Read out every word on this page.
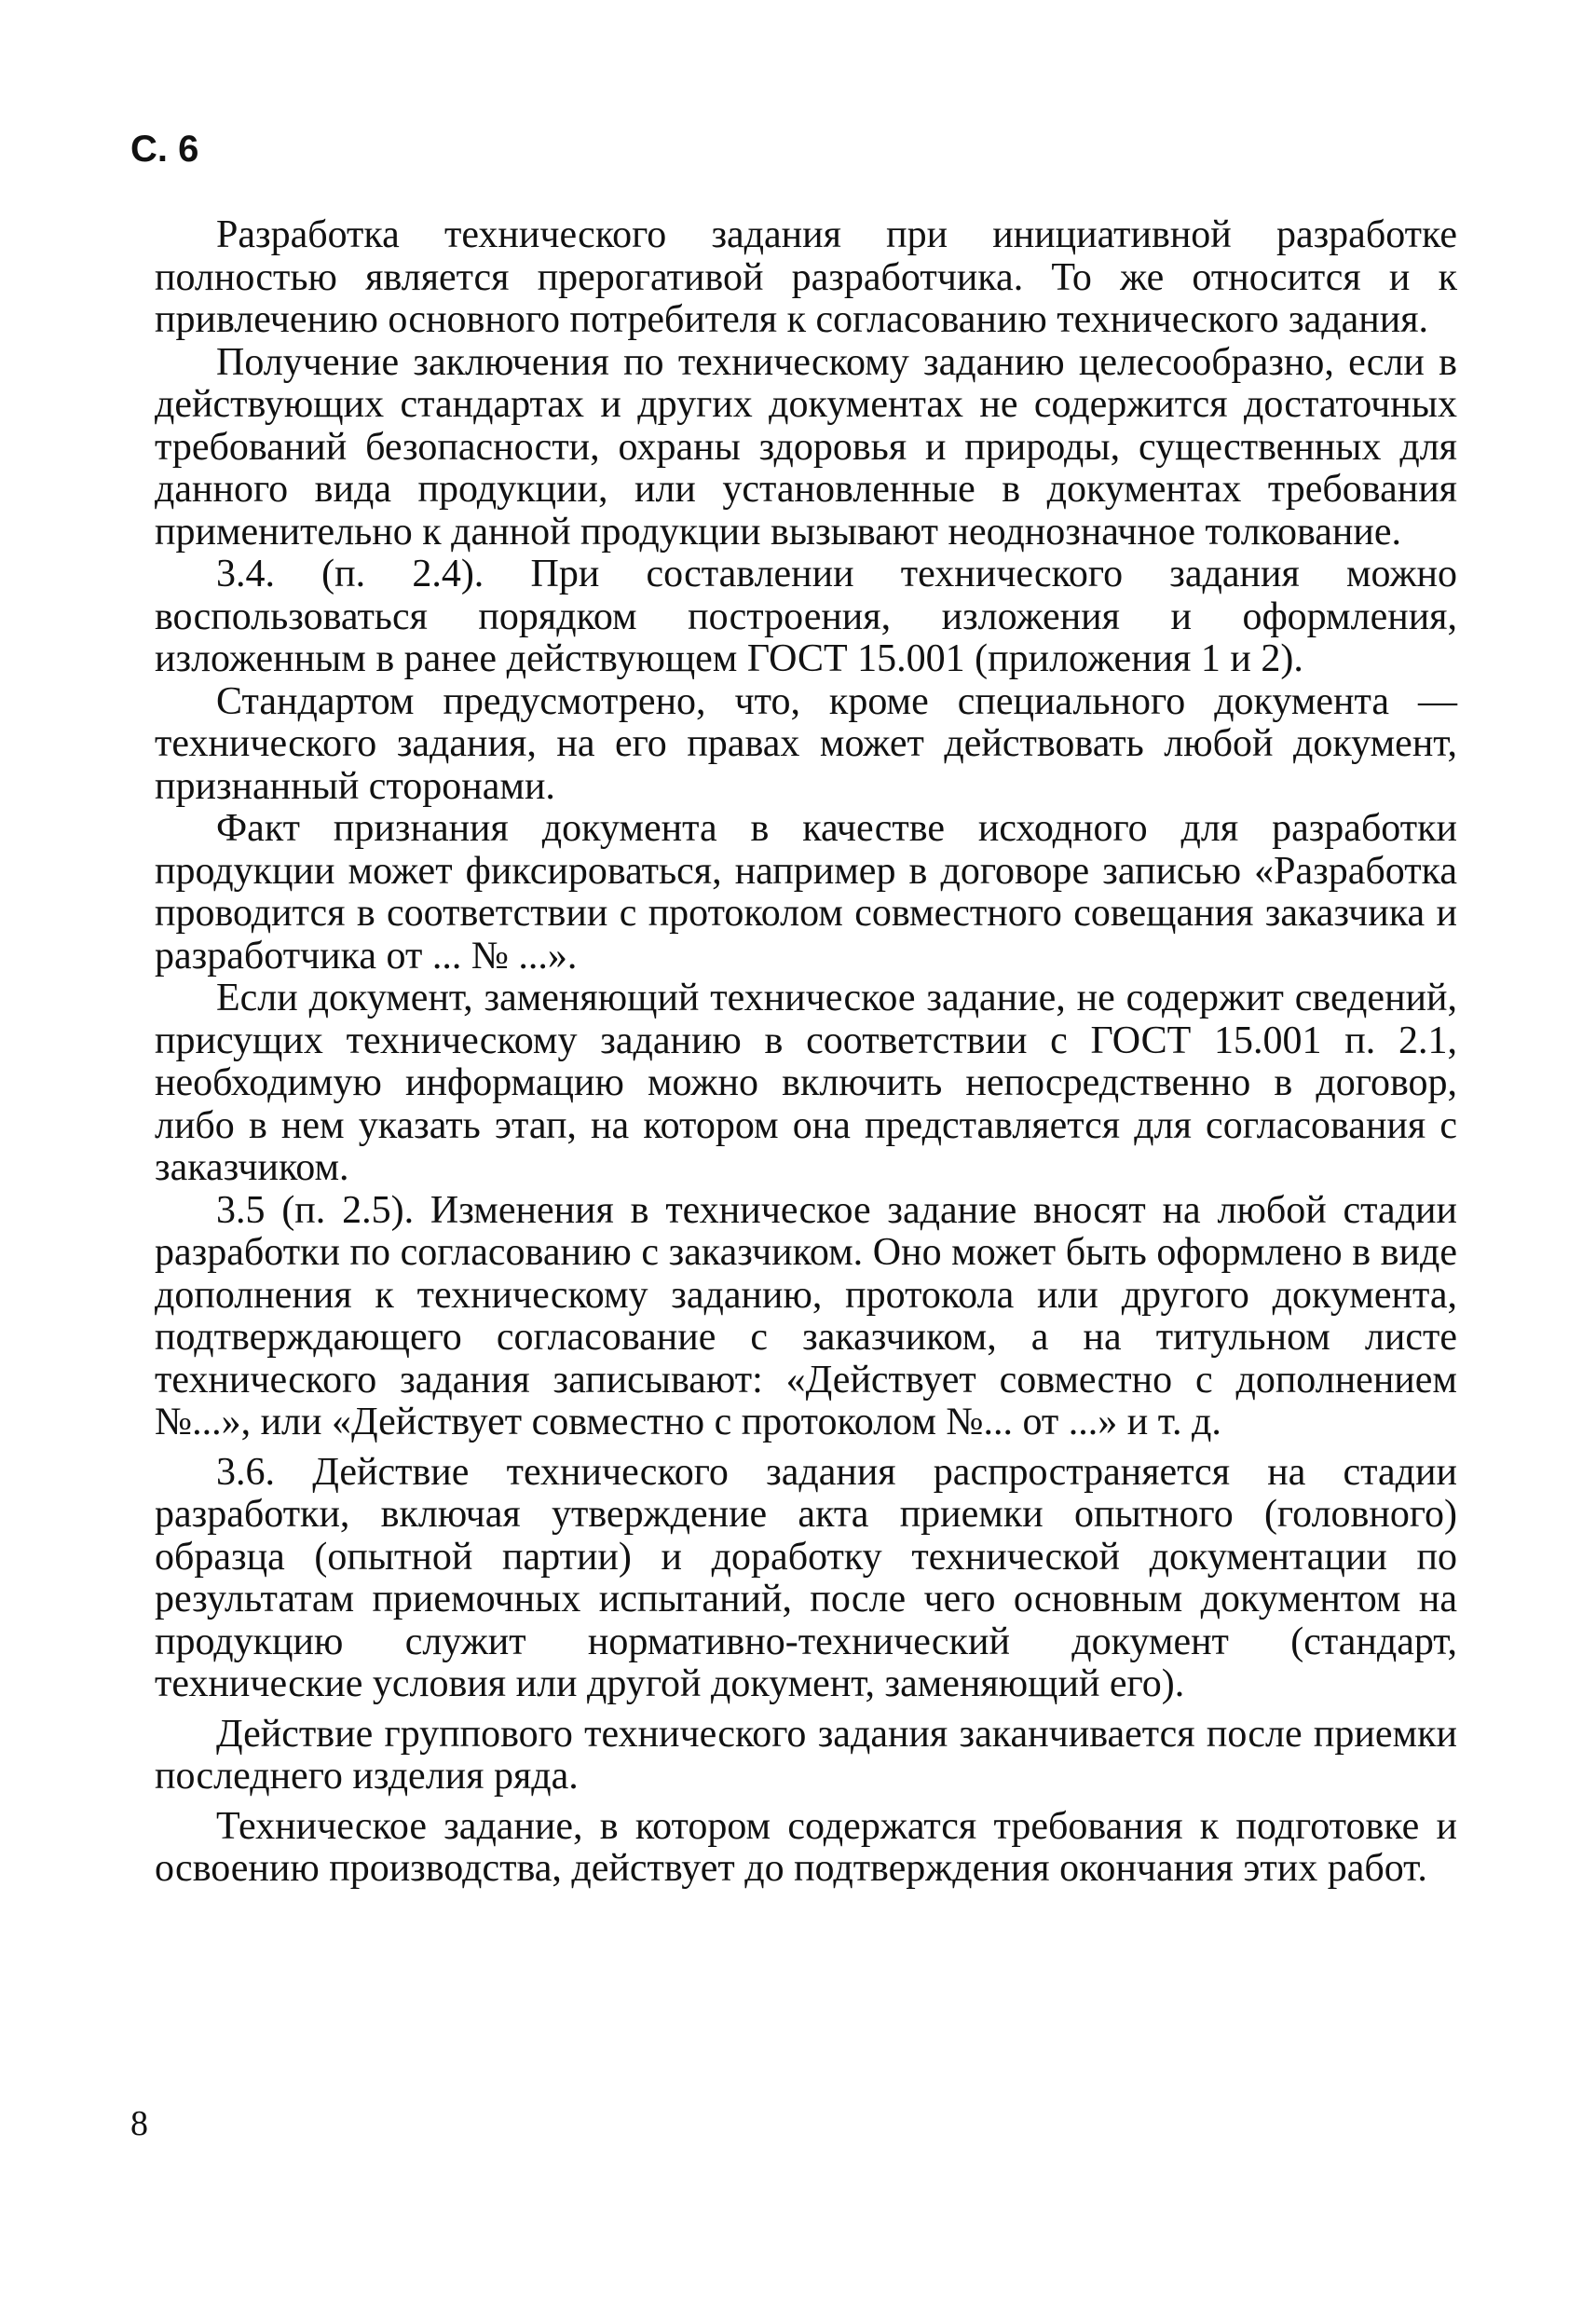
С. 6

Разработка технического задания при инициативной разработке полностью является прерогативой разработчика. То же относится и к привлечению основного потребителя к согласованию технического задания.

Получение заключения по техническому заданию целесообразно, если в действующих стандартах и других документах не содержится достаточных требований безопасности, охраны здоровья и природы, существенных для данного вида продукции, или установленные в документах требования применительно к данной продукции вызывают неоднозначное толкование.

3.4. (п. 2.4). При составлении технического задания можно воспользоваться порядком построения, изложения и оформления, изложенным в ранее действующем ГОСТ 15.001 (приложения 1 и 2).

Стандартом предусмотрено, что, кроме специального документа — технического задания, на его правах может действовать любой документ, признанный сторонами.

Факт признания документа в качестве исходного для разработки продукции может фиксироваться, например в договоре записью «Разработка проводится в соответствии с протоколом совместного совещания заказчика и разработчика от ... № ...».

Если документ, заменяющий техническое задание, не содержит сведений, присущих техническому заданию в соответствии с ГОСТ 15.001 п. 2.1, необходимую информацию можно включить непосредственно в договор, либо в нем указать этап, на котором она представляется для согласования с заказчиком.

3.5 (п. 2.5). Изменения в техническое задание вносят на любой стадии разработки по согласованию с заказчиком. Оно может быть оформлено в виде дополнения к техническому заданию, протокола или другого документа, подтверждающего согласование с заказчиком, а на титульном листе технического задания записывают: «Действует совместно с дополнением №...», или «Действует совместно с протоколом №... от ...» и т. д.

3.6. Действие технического задания распространяется на стадии разработки, включая утверждение акта приемки опытного (головного) образца (опытной партии) и доработку технической документации по результатам приемочных испытаний, после чего основным документом на продукцию служит нормативно-технический документ (стандарт, технические условия или другой документ, заменяющий его).

Действие группового технического задания заканчивается после приемки последнего изделия ряда.

Техническое задание, в котором содержатся требования к подготовке и освоению производства, действует до подтверждения окончания этих работ.

8
